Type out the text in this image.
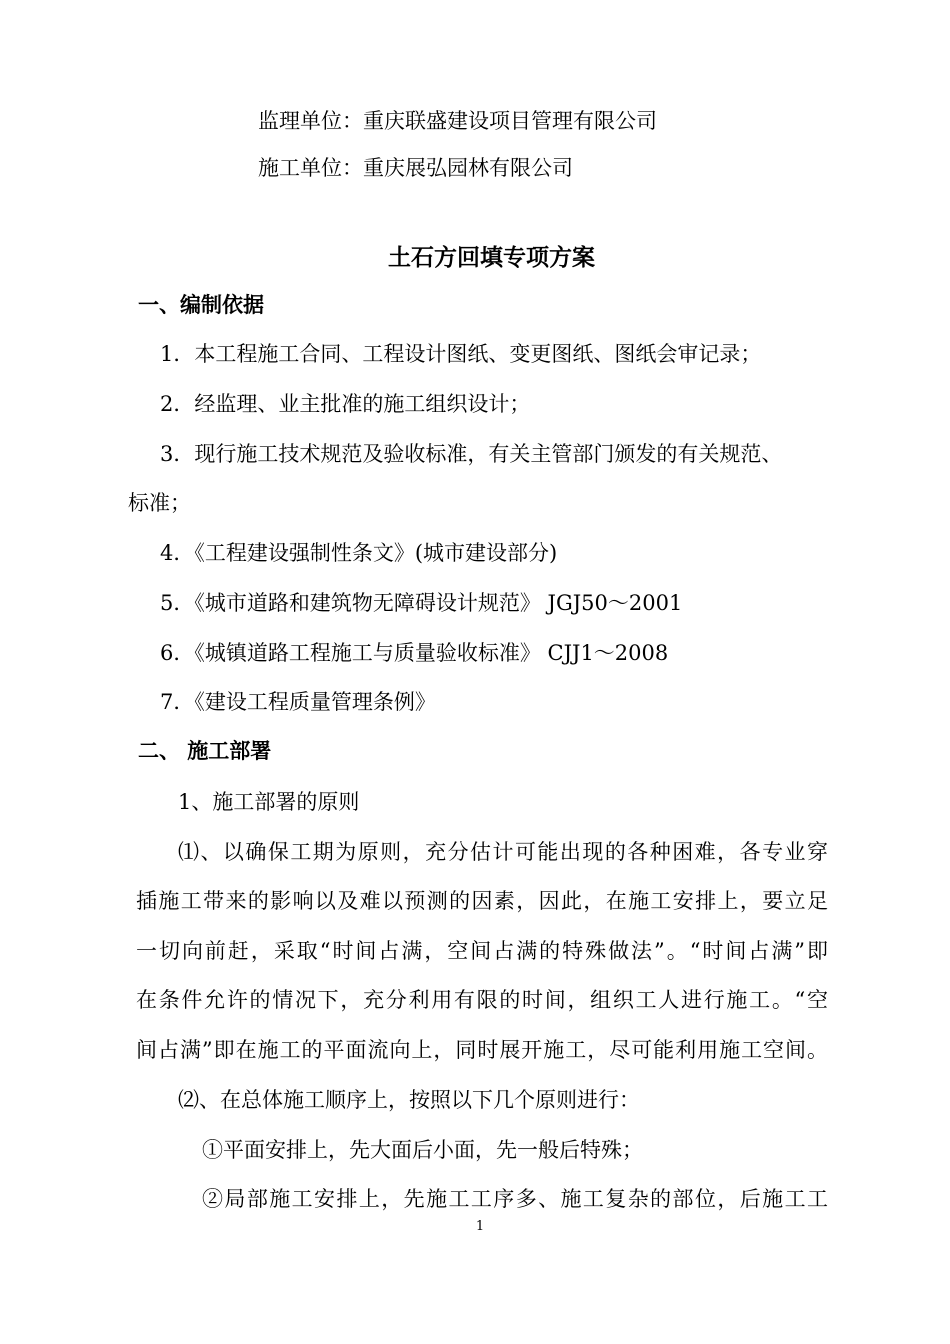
监理单位：重庆联盛建设项目管理有限公司
施工单位：重庆展弘园林有限公司
土石方回填专项方案
一、编制依据
1．本工程施工合同、工程设计图纸、变更图纸、图纸会审记录；
2．经监理、业主批准的施工组织设计；
3．现行施工技术规范及验收标准，有关主管部门颁发的有关规范、
标准；
4．《工程建设强制性条文》(城市建设部分)
5．《城市道路和建筑物无障碍设计规范》 JGJ50～2001
6．《城镇道路工程施工与质量验收标准》 CJJ1～2008
7．《建设工程质量管理条例》
二、 施工部署
1、施工部署的原则
⑴、以确保工期为原则，充分估计可能出现的各种困难，各专业穿
插施工带来的影响以及难以预测的因素，因此，在施工安排上，要立足
一切向前赶，采取“时间占满，空间占满的特殊做法”。“时间占满”即
在条件允许的情况下，充分利用有限的时间，组织工人进行施工。“空
间占满”即在施工的平面流向上，同时展开施工，尽可能利用施工空间。
⑵、在总体施工顺序上，按照以下几个原则进行：
①平面安排上，先大面后小面，先一般后特殊；
②局部施工安排上，先施工工序多、施工复杂的部位，后施工工
1
